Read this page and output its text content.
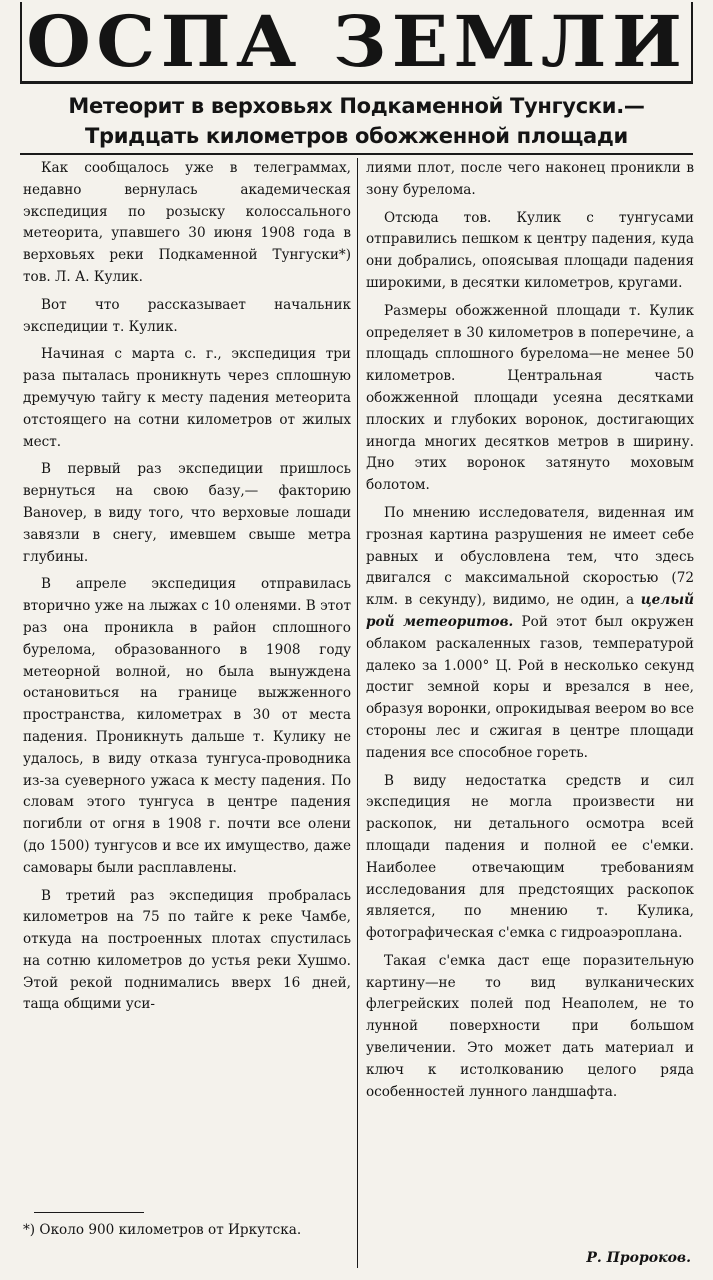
ОСПА ЗЕМЛИ

Метеорит в верховьях Подкаменной Тунгуски.—

Тридцать километров обожженной площади

Как сообщалось уже в телеграммах, недавно вернулась академическая экспедиция по розыску колоссального метеорита, упавшего 30 июня 1908 года в верховьях реки Подкаменной Тунгуски*) тов. Л. А. Кулик.

Вот что рассказывает начальник экспедиции т. Кулик.

Начиная с марта с. г., экспедиция три раза пыталась проникнуть через сплошную дремучую тайгу к месту падения метеорита отстоящего на сотни километров от жилых мест.

В первый раз экспедиции пришлось вернуться на свою базу,— факторию Ванovер, в виду того, что верховые лошади завязли в снегу, имевшем свыше метра глубины.

В апреле экспедиция отправилась вторично уже на лыжах с 10 оленями. В этот раз она проникла в район сплошного бурелома, образованного в 1908 году метеорной волной, но была вынуждена остановиться на границе выжженного пространства, километрах в 30 от места падения. Проникнуть дальше т. Кулику не удалось, в виду отказа тунгуса-проводника из-за суеверного ужаса к месту падения. По словам этого тунгуса в центре падения погибли от огня в 1908 г. почти все олени (до 1500) тунгусов и все их имущество, даже самовары были расплавлены.

В третий раз экспедиция пробралась километров на 75 по тайге к реке Чамбе, откуда на построенных плотах спустилась на сотню километров до устья реки Хушмо. Этой рекой поднимались вверх 16 дней, таща общими уси-

лиями плот, после чего наконец проникли в зону бурелома.

Отсюда тов. Кулик с тунгусами отправились пешком к центру падения, куда они добрались, опоясывая площади падения широкими, в десятки километров, кругами.

Размеры обожженной площади т. Кулик определяет в 30 километров в поперечине, а площадь сплошного бурелома—не менее 50 километров. Центральная часть обожженной площади усеяна десятками плоских и глубоких воронок, достигающих иногда многих десятков метров в ширину. Дно этих воронок затянуто моховым болотом.

По мнению исследователя, виденная им грозная картина разрушения не имеет себе равных и обусловлена тем, что здесь двигался с максимальной скоростью (72 клм. в секунду), видимо, не один, а целый рой метеоритов. Рой этот был окружен облаком раскаленных газов, температурой далеко за 1.000° Ц. Рой в несколько секунд достиг земной коры и врезался в нее, образуя воронки, опрокидывая веером во все стороны лес и сжигая в центре площади падения все способное гореть.

В виду недостатка средств и сил экспедиция не могла произвести ни раскопок, ни детального осмотра всей площади падения и полной ее с'емки. Наиболее отвечающим требованиям исследования для предстоящих раскопок является, по мнению т. Кулика, фотографическая с'емка с гидроаэроплана.

Такая с'емка даст еще поразительную картину—не то вид вулканических флегрейских полей под Неаполем, не то лунной поверхности при большом увеличении. Это может дать материал и ключ к истолкованию целого ряда особенностей лунного ландшафта.

*) Около 900 километров от Иркутска.

Р. Пророков.
